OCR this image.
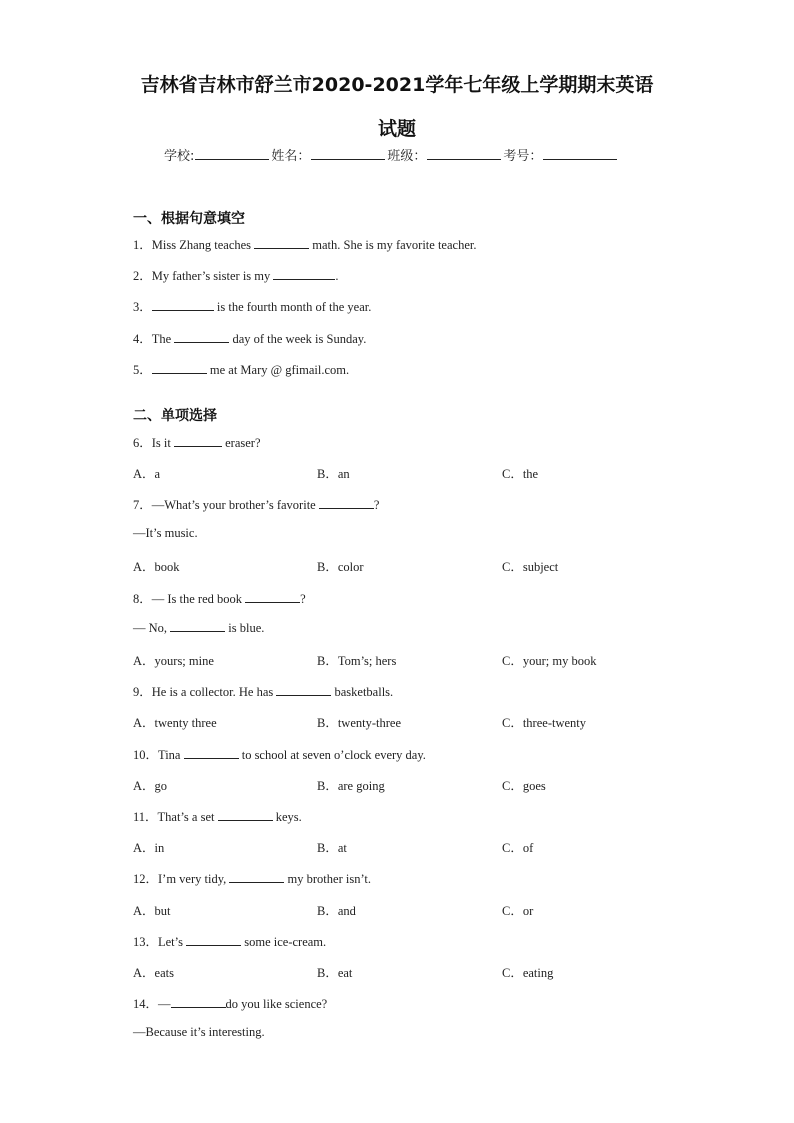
吉林省吉林市舒兰市2020-2021学年七年级上学期期末英语
试题
学校:	姓名：	班级：	考号：
一、根据句意填空
1．Miss Zhang teaches	math. She is my favorite teacher.
2．My father’s sister is my	.
3．	is the fourth month of the year.
4．The	day of the week is Sunday.
5．	me at Mary @ gfimail.com.
二、单项选择
6．Is it	eraser?
A．a	B．an	C．the
7．—What’s your brother’s favorite	?
—It’s music.
A．book	B．color	C．subject
8．— Is the red book	?
— No,	is blue.
A．yours; mine	B．Tom’s; hers	C．your; my book
9．He is a collector. He has	basketballs.
A．twenty three	B．twenty-three	C．three-twenty
10．Tina	to school at seven o’clock every day.
A．go	B．are going	C．goes
11．That’s a set	keys.
A．in	B．at	C．of
12．I’m very tidy,	my brother isn’t.
A．but	B．and	C．or
13．Let’s	some ice-cream.
A．eats	B．eat	C．eating
14．—	do you like science?
—Because it’s interesting.
